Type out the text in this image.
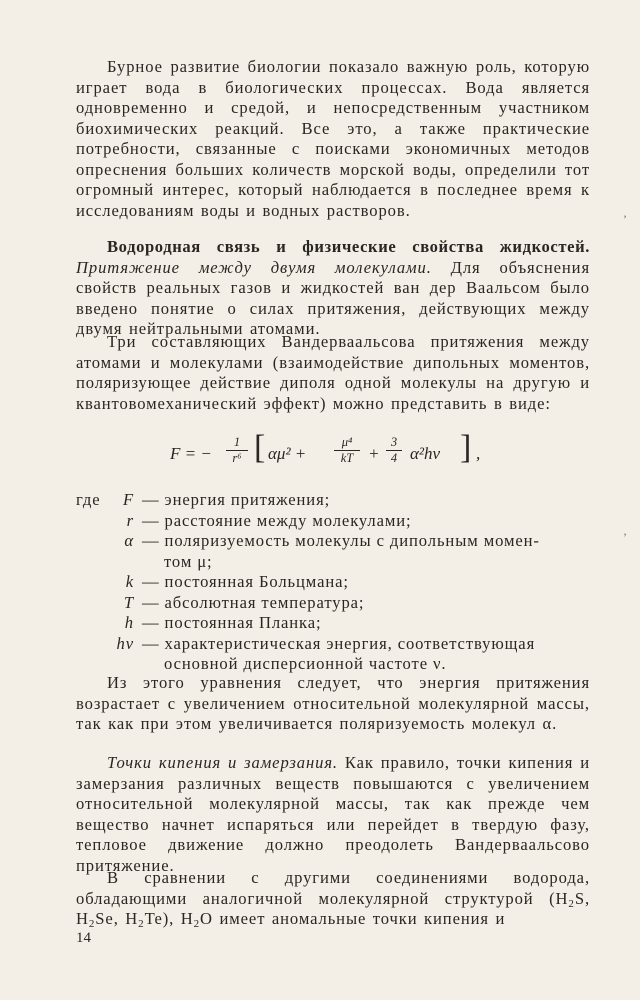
Бурное развитие биологии показало важную роль, которую играет вода в биологических процессах. Вода является одновременно и средой, и непосредственным участником биохимических реакций. Все это, а также практические потребности, связанные с поисками экономичных методов опреснения больших количеств морской воды, определили тот огромный интерес, который наблюдается в последнее время к исследованиям воды и водных растворов.

Водородная связь и физические свойства жидкостей. Притяжение между двумя молекулами. Для объяснения свойств реальных газов и жидкостей ван дер Ваальсом было введено понятие о силах притяжения, действующих между двумя нейтральными атомами.

Три составляющих Вандерваальсова притяжения между атомами и молекулами (взаимодействие дипольных моментов, поляризующее действие диполя одной молекулы на другую и квантовомеханический эффект) можно представить в виде:

F = −
1
r⁶ [ αμ² +
μ⁴
kT +
3
4 α²hν ] ,
где	F — энергия притяжения;
r — расстояние между молекулами;
α — поляризуемость молекулы с дипольным момен-
том μ;
k — постоянная Больцмана;
T — абсолютная температура;
h — постоянная Планка;
hν — характеристическая энергия, соответствующая
основной дисперсионной частоте ν.

Из этого уравнения следует, что энергия притяжения возрастает с увеличением относительной молекулярной массы, так как при этом увеличивается поляризуемость молекул α.

Точки кипения и замерзания. Как правило, точки кипения и замерзания различных веществ повышаются с увеличением относительной молекулярной массы, так как прежде чем вещество начнет испаряться или перейдет в твердую фазу, тепловое движение должно преодолеть Вандерваальсово притяжение.

В сравнении с другими соединениями водорода, обладающими аналогичной молекулярной структурой ($H_2S$, $H_2Se$, $H_2Te$), $H_2O$ имеет аномальные точки кипения и

14
’
’
